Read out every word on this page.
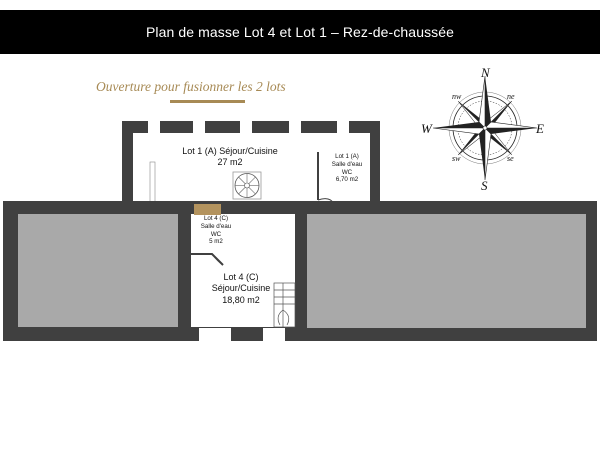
Plan de masse Lot 4 et Lot 1 – Rez-de-chaussée
Ouverture pour fusionner les 2 lots
Lot 1 (A) Séjour/Cuisine
27 m2
Lot 1 (A)
Salle d'eau
WC
6,70 m2
Lot 4 (C)
Salle d'eau
WC
5 m2
Lot 4 (C)
Séjour/Cuisine
18,80 m2
N
S
E
W
nw	ne
sw	se
